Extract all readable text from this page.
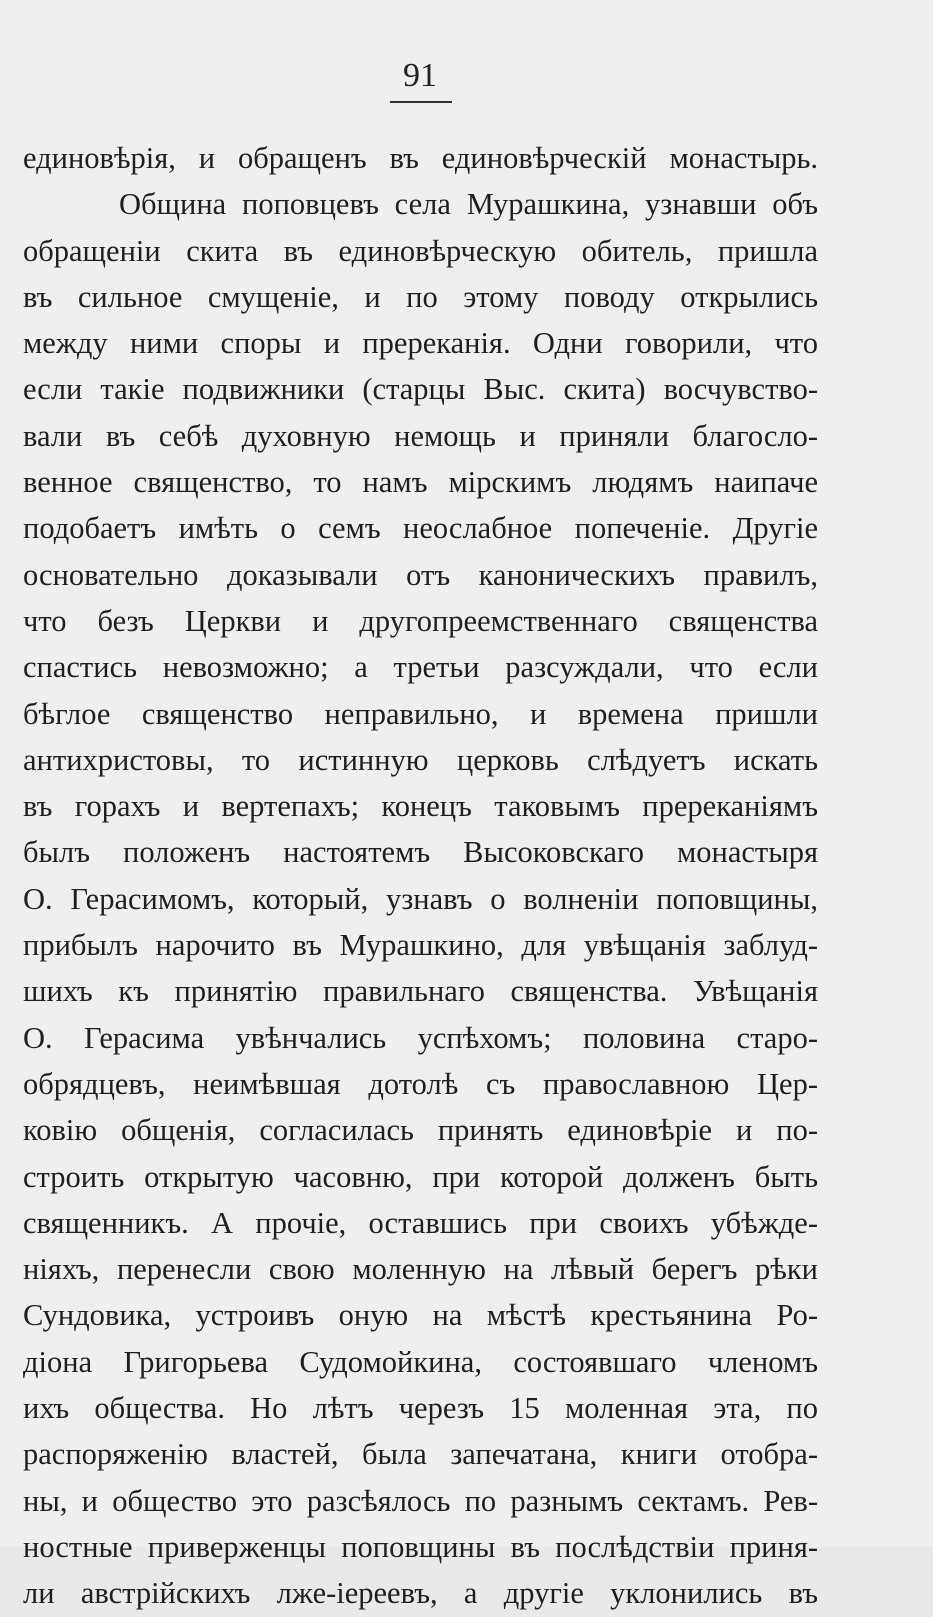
91
единовѣрія, и обращенъ въ единовѣрческій монастырь.
Община поповцевъ села Мурашкина, узнавши объ
обращеніи скита въ единовѣрческую обитель, пришла
въ сильное смущеніе, и по этому поводу открылись
между ними споры и пререканія. Одни говорили, что
если такіе подвижники (старцы Выс. скита) восчувство-
вали въ себѣ духовную немощь и приняли благослo-
венное священство, то намъ мірскимъ людямъ наипаче
подобаетъ имѣть о семъ неослабное попеченіе. Другіе
основательно доказывали отъ каноническихъ правилъ,
что безъ Церкви и другопреемственнаго священства
спастись невозможно; а третьи разсуждали, что если
бѣглое священство неправильно, и времена пришли
антихристовы, то истинную церковь слѣдуетъ искать
въ горахъ и вертепахъ; конецъ таковымъ пререканіямъ
былъ положенъ настоятемъ Высоковскаго монастыря
О. Герасимомъ, который, узнавъ о волненіи поповщины,
прибылъ нарочито въ Мурашкино, для увѣщанія заблуд-
шихъ къ принятію правильнаго священства. Увѣщанія
О. Герасима увѣнчались успѣхомъ; половина старо-
обрядцевъ, неимѣвшая дотолѣ съ православною Цер-
ковію общенія, согласилась принять единовѣріе и по-
строить открытую часовню, при которой долженъ быть
священникъ. А прочіе, оставшись при своихъ убѣжде-
ніяхъ, перенесли свою моленную на лѣвый берегъ рѣки
Сундовика, устроивъ оную на мѣстѣ крестьянина Ро-
діона Григорьева Судомойкина, состоявшаго членомъ
ихъ общества. Но лѣтъ черезъ 15 моленная эта, по
распоряженію властей, была запечатана, книги отобра-
ны, и общество это разсѣялось по разнымъ сектамъ. Рев-
ностные приверженцы поповщины въ послѣдствіи приня-
ли австрійскихъ лже-іереевъ, а другіе уклонились въ
